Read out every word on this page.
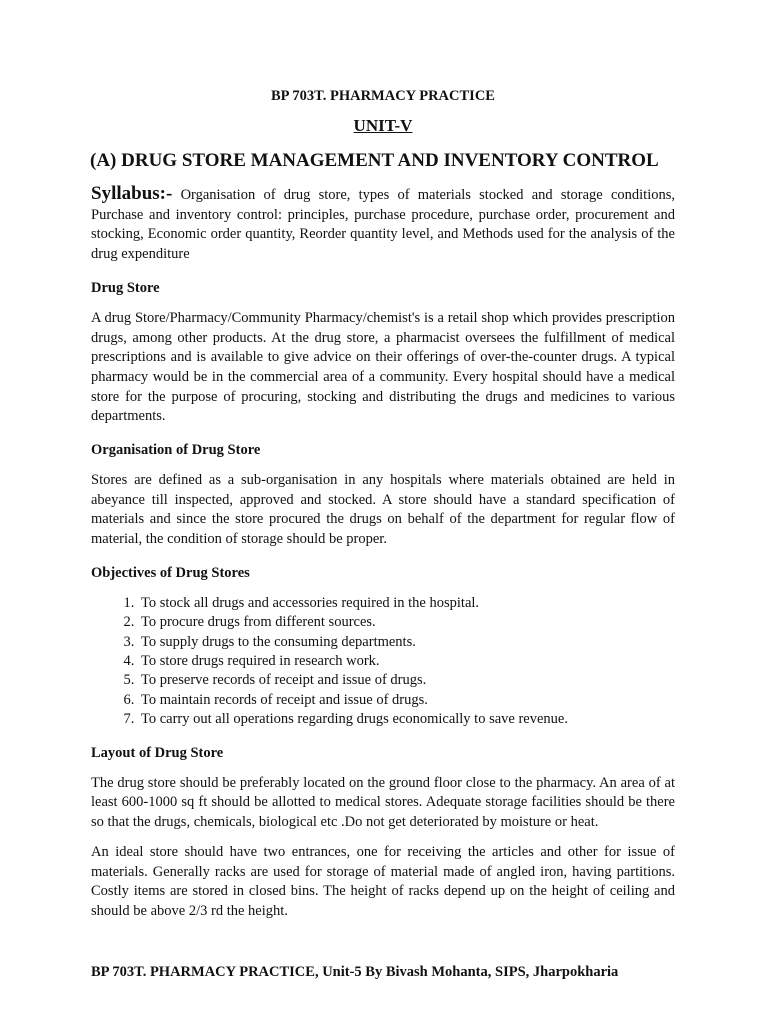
BP 703T. PHARMACY PRACTICE

UNIT-V

(A) DRUG STORE MANAGEMENT AND INVENTORY CONTROL

Syllabus:- Organisation of drug store, types of materials stocked and storage conditions, Purchase and inventory control: principles, purchase procedure, purchase order, procurement and stocking, Economic order quantity, Reorder quantity level, and Methods used for the analysis of the drug expenditure

Drug Store

A drug Store/Pharmacy/Community Pharmacy/chemist's is a retail shop which provides prescription drugs, among other products. At the drug store, a pharmacist oversees the fulfillment of medical prescriptions and is available to give advice on their offerings of over-the-counter drugs. A typical pharmacy would be in the commercial area of a community. Every hospital should have a medical store for the purpose of procuring, stocking and distributing the drugs and medicines to various departments.

Organisation of Drug Store

Stores are defined as a sub-organisation in any hospitals where materials obtained are held in abeyance till inspected, approved and stocked. A store should have a standard specification of materials and since the store procured the drugs on behalf of the department for regular flow of material, the condition of storage should be proper.

Objectives of Drug Stores

1. To stock all drugs and accessories required in the hospital.
2. To procure drugs from different sources.
3. To supply drugs to the consuming departments.
4. To store drugs required in research work.
5. To preserve records of receipt and issue of drugs.
6. To maintain records of receipt and issue of drugs.
7. To carry out all operations regarding drugs economically to save revenue.

Layout of Drug Store

The drug store should be preferably located on the ground floor close to the pharmacy. An area of at least 600-1000 sq ft should be allotted to medical stores. Adequate storage facilities should be there so that the drugs, chemicals, biological etc .Do not get deteriorated by moisture or heat.

An ideal store should have two entrances, one for receiving the articles and other for issue of materials. Generally racks are used for storage of material made of angled iron, having partitions. Costly items are stored in closed bins. The height of racks depend up on the height of ceiling and should be above 2/3 rd the height.

BP 703T. PHARMACY PRACTICE, Unit-5 By Bivash Mohanta, SIPS, Jharpokharia
